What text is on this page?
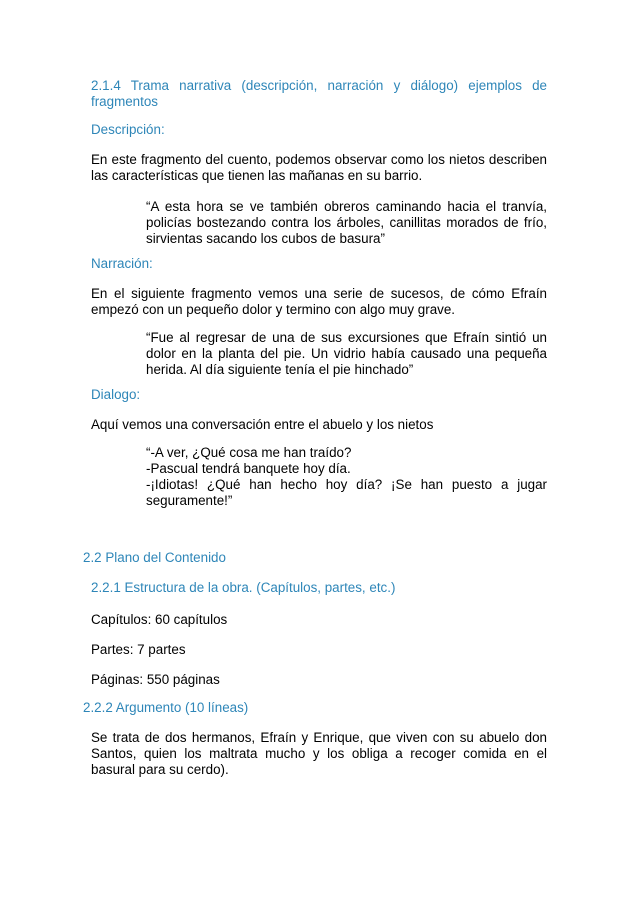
2.1.4 Trama narrativa (descripción, narración y diálogo) ejemplos de fragmentos

Descripción:

En este fragmento del cuento, podemos observar como los nietos describen las características que tienen las mañanas en su barrio.

“A esta hora se ve también obreros caminando hacia el tranvía, policías bostezando contra los árboles, canillitas morados de frío, sirvientas sacando los cubos de basura”

Narración:

En el siguiente fragmento vemos una serie de sucesos, de cómo Efraín empezó con un pequeño dolor y termino con algo muy grave.

“Fue al regresar de una de sus excursiones que Efraín sintió un dolor en la planta del pie. Un vidrio había causado una pequeña herida. Al día siguiente tenía el pie hinchado”

Dialogo:

Aquí vemos una conversación entre el abuelo y los nietos

“-A ver, ¿Qué cosa me han traído?
-Pascual tendrá banquete hoy día.
-¡Idiotas! ¿Qué han hecho hoy día? ¡Se han puesto a jugar
seguramente!”

2.2 Plano del Contenido

2.2.1 Estructura de la obra. (Capítulos, partes, etc.)

Capítulos: 60 capítulos

Partes: 7 partes

Páginas: 550 páginas

2.2.2 Argumento (10 líneas)

Se trata de dos hermanos, Efraín y Enrique, que viven con su abuelo don Santos, quien los maltrata mucho y los obliga a recoger comida en el basural para su cerdo).
